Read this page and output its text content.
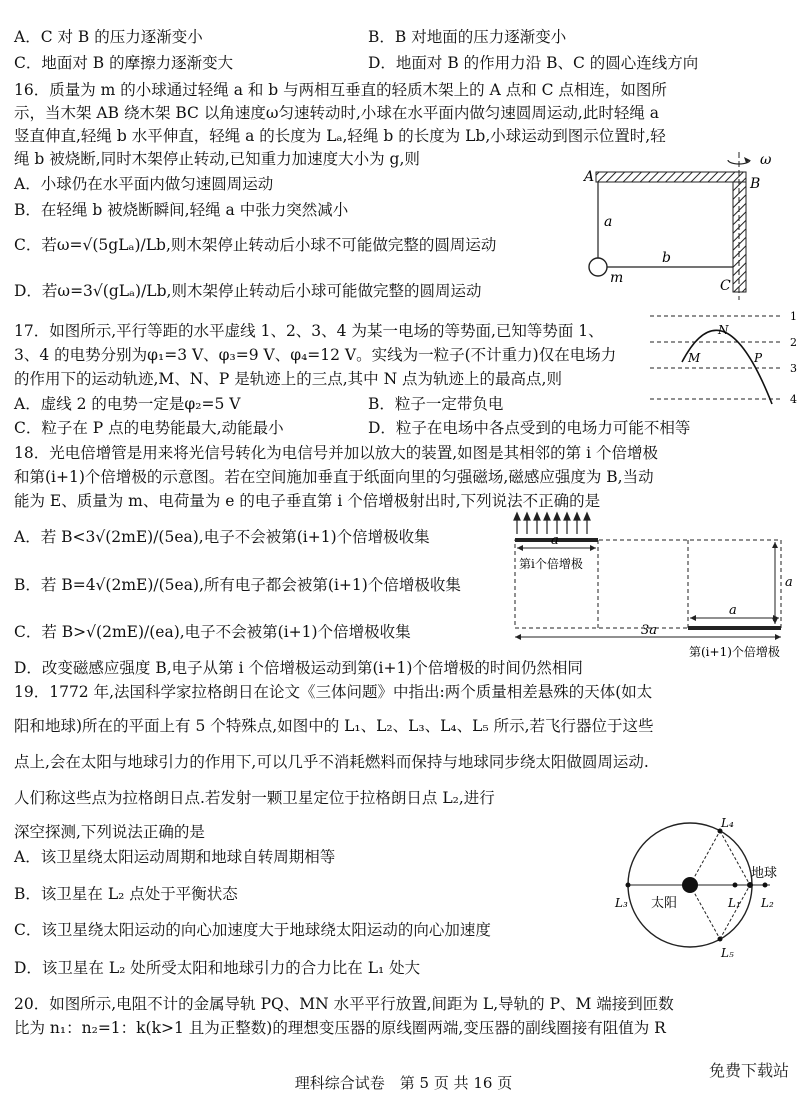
A．C 对 B 的压力逐渐变小	B．B 对地面的压力逐渐变小
C．地面对 B 的摩擦力逐渐变大	D．地面对 B 的作用力沿 B、C 的圆心连线方向
16．质量为 m 的小球通过轻绳 a 和 b 与两相互垂直的轻质木架上的 A 点和 C 点相连，如图所
示，当木架 AB 绕木架 BC 以角速度ω匀速转动时,小球在水平面内做匀速圆周运动,此时轻绳 a
竖直伸直,轻绳 b 水平伸直，轻绳 a 的长度为 Lₐ,轻绳 b 的长度为 Lb,小球运动到图示位置时,轻
绳 b 被烧断,同时木架停止转动,已知重力加速度大小为 g,则
A．小球仍在水平面内做匀速圆周运动
B．在轻绳 b 被烧断瞬间,轻绳 a 中张力突然减小
C．若ω=√(5gLₐ)/Lb,则木架停止转动后小球不可能做完整的圆周运动
D．若ω=3√(gLₐ)/Lb,则木架停止转动后小球可能做完整的圆周运动
A	B
C
a
b
m
ω
17．如图所示,平行等距的水平虚线 1、2、3、4 为某一电场的等势面,已知等势面 1、
3、4 的电势分别为φ₁=3 V、φ₃=9 V、φ₄=12 V。实线为一粒子(不计重力)仅在电场力
的作用下的运动轨迹,M、N、P 是轨迹上的三点,其中 N 点为轨迹上的最高点,则
A．虚线 2 的电势一定是φ₂=5 V	B．粒子一定带负电
C．粒子在 P 点的电势能最大,动能最小	D．粒子在电场中各点受到的电场力可能不相等
1
2
3
4
M
N
P
18．光电倍增管是用来将光信号转化为电信号并加以放大的装置,如图是其相邻的第 i 个倍增极
和第(i+1)个倍增极的示意图。若在空间施加垂直于纸面向里的匀强磁场,磁感应强度为 B,当动
能为 E、质量为 m、电荷量为 e 的电子垂直第 i 个倍增极射出时,下列说法不正确的是
A．若 B<3√(2mE)/(5ea),电子不会被第(i+1)个倍增极收集
B．若 B=4√(2mE)/(5ea),所有电子都会被第(i+1)个倍增极收集
C．若 B>√(2mE)/(ea),电子不会被第(i+1)个倍增极收集
D．改变磁感应强度 B,电子从第 i 个倍增极运动到第(i+1)个倍增极的时间仍然相同
a
a
a
3a
第i个倍增极
第(i+1)个倍增极
19．1772 年,法国科学家拉格朗日在论文《三体问题》中指出:两个质量相差悬殊的天体(如太
阳和地球)所在的平面上有 5 个特殊点,如图中的 L₁、L₂、L₃、L₄、L₅ 所示,若飞行器位于这些
点上,会在太阳与地球引力的作用下,可以几乎不消耗燃料而保持与地球同步绕太阳做圆周运动.
人们称这些点为拉格朗日点.若发射一颗卫星定位于拉格朗日点 L₂,进行
深空探测,下列说法正确的是
A．该卫星绕太阳运动周期和地球自转周期相等
B．该卫星在 L₂ 点处于平衡状态
C．该卫星绕太阳运动的向心加速度大于地球绕太阳运动的向心加速度
D．该卫星在 L₂ 处所受太阳和地球引力的合力比在 L₁ 处大
L₄
L₅
L₃	L₁ L₂
太阳
地球
20．如图所示,电阻不计的金属导轨 PQ、MN 水平平行放置,间距为 L,导轨的 P、M 端接到匝数
比为 n₁：n₂=1：k(k>1 且为正整数)的理想变压器的原线圈两端,变压器的副线圈接有阻值为 R
理科综合试卷　第 5 页 共 16 页
免费下载站
